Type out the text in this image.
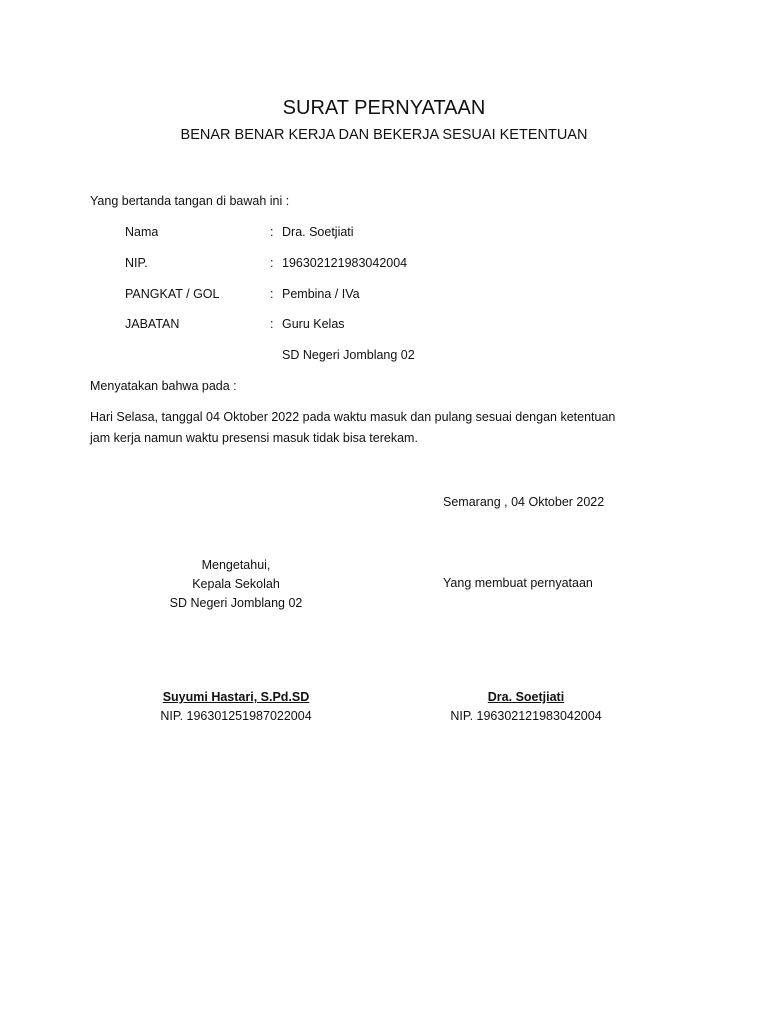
SURAT PERNYATAAN
BENAR BENAR KERJA DAN BEKERJA SESUAI KETENTUAN
Yang bertanda tangan di bawah ini :
Nama	: Dra. Soetjiati
NIP.	: 196302121983042004
PANGKAT / GOL	: Pembina / IVa
JABATAN	: Guru Kelas
SD Negeri Jomblang 02
Menyatakan bahwa pada :
Hari Selasa, tanggal 04 Oktober 2022 pada waktu masuk dan pulang sesuai dengan ketentuan
jam kerja namun waktu presensi masuk tidak bisa terekam.
Semarang , 04 Oktober 2022
Mengetahui,
Kepala Sekolah
SD Negeri Jomblang 02
Suyumi Hastari, S.Pd.SD
NIP. 196301251987022004
Yang membuat pernyataan
Dra. Soetjiati
NIP. 196302121983042004
